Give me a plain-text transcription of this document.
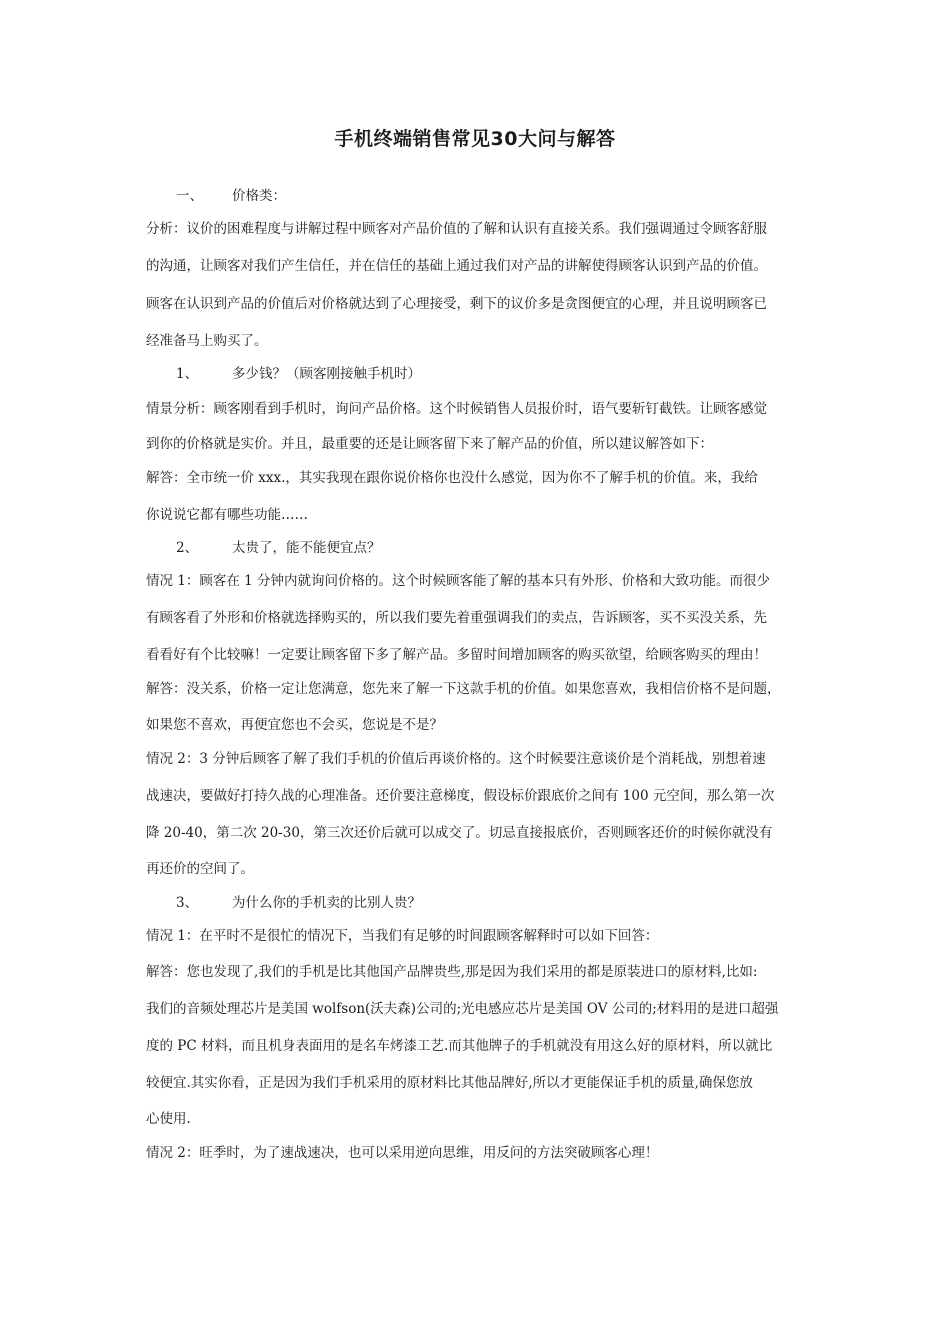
手机终端销售常见30大问与解答
一、 价格类：
分析：议价的困难程度与讲解过程中顾客对产品价值的了解和认识有直接关系。我们强调通过令顾客舒服
的沟通，让顾客对我们产生信任，并在信任的基础上通过我们对产品的讲解使得顾客认识到产品的价值。
顾客在认识到产品的价值后对价格就达到了心理接受，剩下的议价多是贪图便宜的心理，并且说明顾客已
经准备马上购买了。
1、	多少钱？（顾客刚接触手机时）
情景分析：顾客刚看到手机时，询问产品价格。这个时候销售人员报价时，语气要斩钉截铁。让顾客感觉
到你的价格就是实价。并且，最重要的还是让顾客留下来了解产品的价值，所以建议解答如下：
解答：全市统一价 xxx.，其实我现在跟你说价格你也没什么感觉，因为你不了解手机的价值。来，我给
你说说它都有哪些功能……
2、	太贵了，能不能便宜点？
情况 1：顾客在 1 分钟内就询问价格的。这个时候顾客能了解的基本只有外形、价格和大致功能。而很少
有顾客看了外形和价格就选择购买的，所以我们要先着重强调我们的卖点，告诉顾客，买不买没关系，先
看看好有个比较嘛！一定要让顾客留下多了解产品。多留时间增加顾客的购买欲望，给顾客购买的理由！
解答：没关系，价格一定让您满意，您先来了解一下这款手机的价值。如果您喜欢，我相信价格不是问题，
如果您不喜欢，再便宜您也不会买，您说是不是？
情况 2：3 分钟后顾客了解了我们手机的价值后再谈价格的。这个时候要注意谈价是个消耗战，别想着速
战速决，要做好打持久战的心理准备。还价要注意梯度，假设标价跟底价之间有 100 元空间，那么第一次
降 20-40，第二次 20-30，第三次还价后就可以成交了。切忌直接报底价，否则顾客还价的时候你就没有
再还价的空间了。
3、	为什么你的手机卖的比别人贵？
情况 1：在平时不是很忙的情况下，当我们有足够的时间跟顾客解释时可以如下回答：
解答：您也发现了,我们的手机是比其他国产品牌贵些,那是因为我们采用的都是原装进口的原材料,比如:
我们的音频处理芯片是美国 wolfson(沃夫森)公司的;光电感应芯片是美国 OV 公司的;材料用的是进口超强
度的 PC 材料，而且机身表面用的是名车烤漆工艺.而其他牌子的手机就没有用这么好的原材料，所以就比
较便宜.其实你看，正是因为我们手机采用的原材料比其他品牌好,所以才更能保证手机的质量,确保您放
心使用.
情况 2：旺季时，为了速战速决，也可以采用逆向思维，用反问的方法突破顾客心理！
